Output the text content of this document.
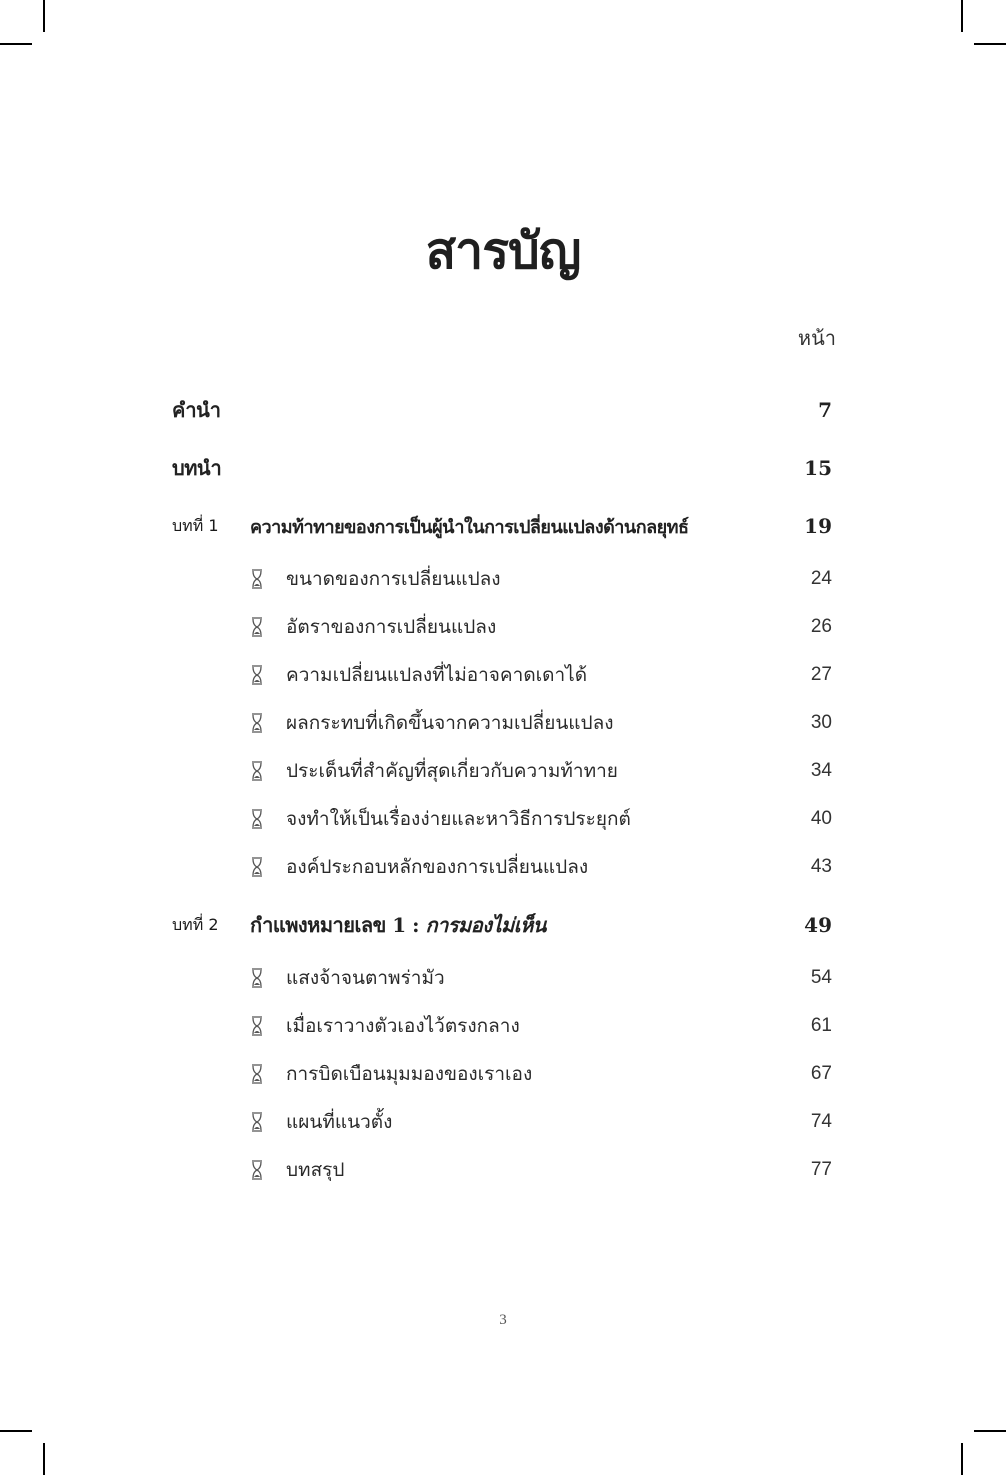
สารบัญ
หน้า
คำนำ	7
บทนำ	15
บทที่ 1	ความท้าทายของการเป็นผู้นำในการเปลี่ยนแปลงด้านกลยุทธ์	19
ขนาดของการเปลี่ยนแปลง	24
อัตราของการเปลี่ยนแปลง	26
ความเปลี่ยนแปลงที่ไม่อาจคาดเดาได้	27
ผลกระทบที่เกิดขึ้นจากความเปลี่ยนแปลง	30
ประเด็นที่สำคัญที่สุดเกี่ยวกับความท้าทาย	34
จงทำให้เป็นเรื่องง่ายและหาวิธีการประยุกต์	40
องค์ประกอบหลักของการเปลี่ยนแปลง	43
บทที่ 2	กำแพงหมายเลข 1 : การมองไม่เห็น	49
แสงจ้าจนตาพร่ามัว	54
เมื่อเราวางตัวเองไว้ตรงกลาง	61
การบิดเบือนมุมมองของเราเอง	67
แผนที่แนวตั้ง	74
บทสรุป	77
3
